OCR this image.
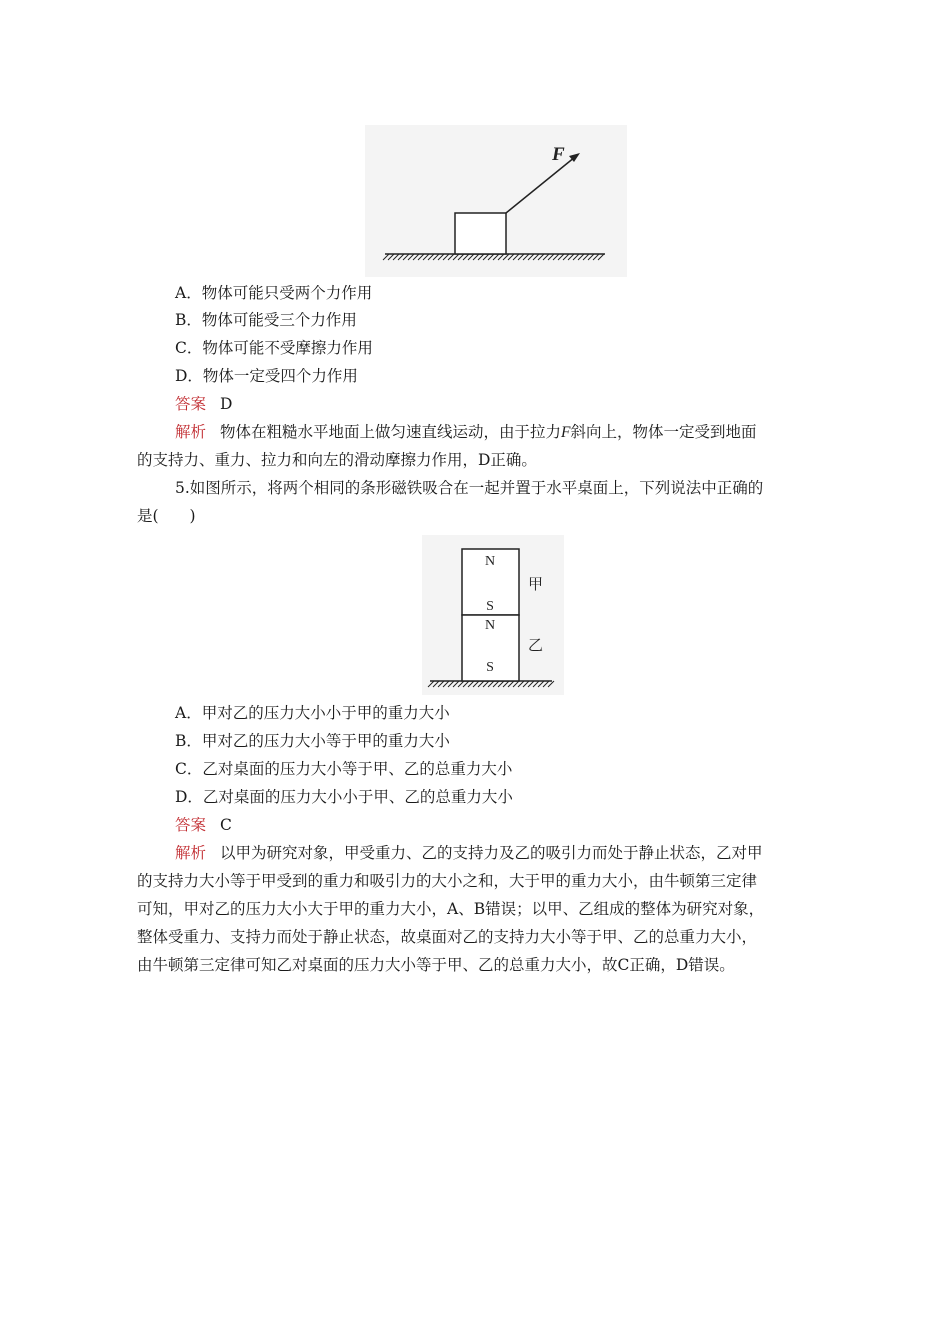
F
A．物体可能只受两个力作用
B．物体可能受三个力作用
C．物体可能不受摩擦力作用
D．物体一定受四个力作用
答案 D
解析 物体在粗糙水平地面上做匀速直线运动，由于拉力F斜向上，物体一定受到地面
的支持力、重力、拉力和向左的滑动摩擦力作用，D正确。
5.如图所示，将两个相同的条形磁铁吸合在一起并置于水平桌面上，下列说法中正确的
是(　　)
N
S
N
S
甲
乙
A．甲对乙的压力大小小于甲的重力大小
B．甲对乙的压力大小等于甲的重力大小
C．乙对桌面的压力大小等于甲、乙的总重力大小
D．乙对桌面的压力大小小于甲、乙的总重力大小
答案 C
解析 以甲为研究对象，甲受重力、乙的支持力及乙的吸引力而处于静止状态，乙对甲
的支持力大小等于甲受到的重力和吸引力的大小之和，大于甲的重力大小，由牛顿第三定律
可知，甲对乙的压力大小大于甲的重力大小，A、B错误；以甲、乙组成的整体为研究对象，
整体受重力、支持力而处于静止状态，故桌面对乙的支持力大小等于甲、乙的总重力大小，
由牛顿第三定律可知乙对桌面的压力大小等于甲、乙的总重力大小，故C正确，D错误。
